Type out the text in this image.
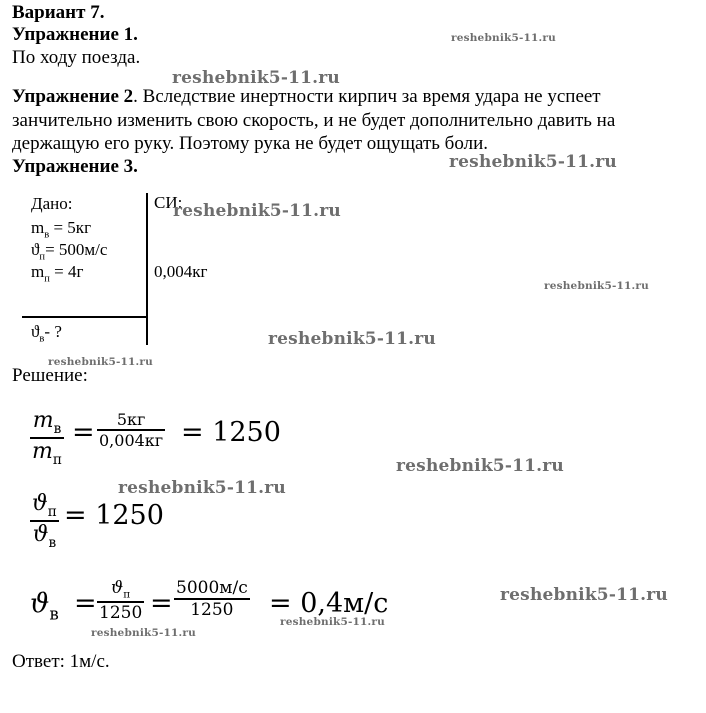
Вариант 7.
Упражнение 1.
По ходу поезда.
Упражнение 2. Вследствие инертности кирпич за время удара не успеет
занчительно изменить свою скорость, и не будет дополнительно давить на
держащую его руку. Поэтому рука не будет ощущать боли.
Упражнение 3.
Дано:	СИ:
$m_в = 5кг$
$ϑ_п= 500м/с$
$m_п = 4г$	0,004кг
$ϑ_в-$ ?
Решение:
$m_в$
$m_п$
= 5кг
0,004кг = 1250
$ϑ_п$
$ϑ_в$
= 1250
$ϑ_в = ϑ_п$
1250 = 5000м/с
1250 = 0,4м/с
Ответ: 1м/с.
reshebnik5-11.ru
reshebnik5-11.ru
reshebnik5-11.ru
reshebnik5-11.ru
reshebnik5-11.ru
reshebnik5-11.ru
reshebnik5-11.ru
reshebnik5-11.ru
reshebnik5-11.ru
reshebnik5-11.ru
reshebnik5-11.ru
reshebnik5-11.ru
